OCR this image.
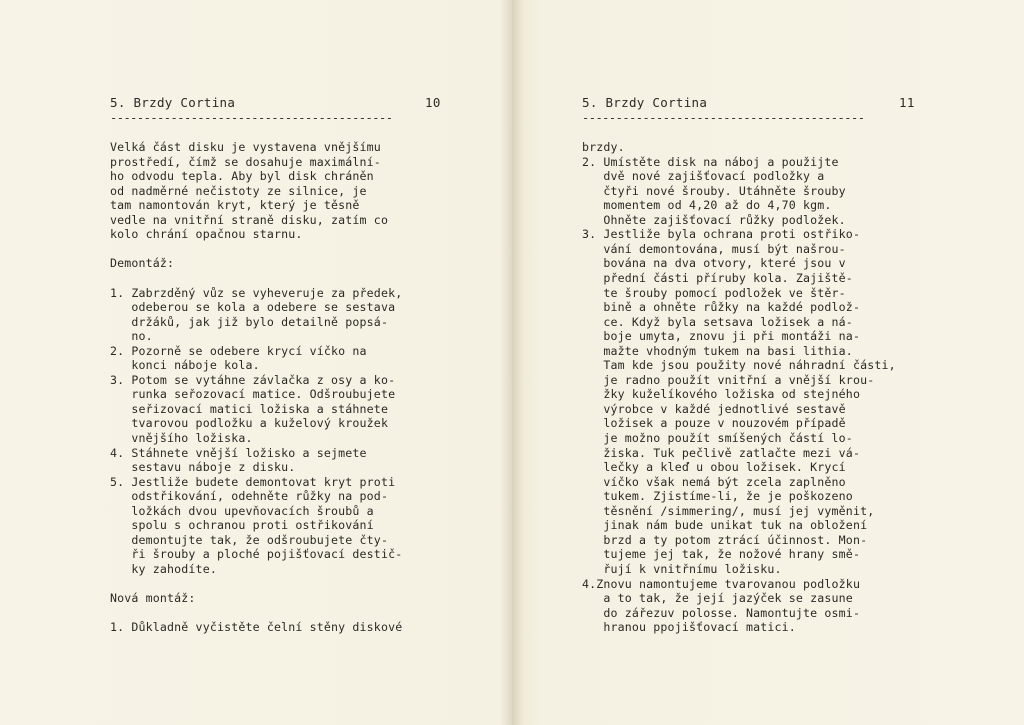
5. Brzdy Cortina	10
------------------------------------------
Velká část disku je vystavena vnějšímu
prostředí, čímž se dosahuje maximální-
ho odvodu tepla. Aby byl disk chráněn
od nadměrné nečistoty ze silnice, je
tam namontován kryt, který je těsně
vedle na vnitřní straně disku, zatím co
kolo chrání opačnou starnu.
Demontáž:
1. Zabrzděný vůz se vyheveruje za předek,
odeberou se kola a odebere se sestava
držáků, jak již bylo detailně popsá-
no.
2. Pozorně se odebere krycí víčko na
konci náboje kola.
3. Potom se vytáhne závlačka z osy a ko-
runka seřozovací matice. Odšroubujete
seřizovací matici ložiska a stáhnete
tvarovou podložku a kuželový kroužek
vnějšího ložiska.
4. Stáhnete vnější ložisko a sejmete
sestavu náboje z disku.
5. Jestliže budete demontovat kryt proti
odstřikování, odehněte růžky na pod-
ložkách dvou upevňovacích šroubů a
spolu s ochranou proti ostřikování
demontujte tak, že odšroubujete čty-
ři šrouby a ploché pojišťovací destič-
ky zahodíte.
Nová montáž:
1. Důkladně vyčistěte čelní stěny diskové
5. Brzdy Cortina	11
------------------------------------------
brzdy.
2. Umístěte disk na náboj a použijte
dvě nové zajišťovací podložky a
čtyři nové šrouby. Utáhněte šrouby
momentem od 4,20 až do 4,70 kgm.
Ohněte zajišťovací růžky podložek.
3. Jestliže byla ochrana proti ostřiko-
vání demontována, musí být našrou-
bována na dva otvory, které jsou v
přední části příruby kola. Zajiště-
te šrouby pomocí podložek ve štěr-
bině a ohněte růžky na každé podlož-
ce. Když byla setsava ložisek a ná-
boje umyta, znovu ji při montáži na-
mažte vhodným tukem na basi lithia.
Tam kde jsou použity nové náhradní části,
je radno použít vnitřní a vnější krou-
žky kuželíkového ložiska od stejného
výrobce v každé jednotlivé sestavě
ložisek a pouze v nouzovém případě
je možno použít smíšených částí lo-
žiska. Tuk pečlivě zatlačte mezi vá-
lečky a kleď u obou ložisek. Krycí
víčko však nemá být zcela zaplněno
tukem. Zjistíme-li, že je poškozeno
těsnění /simmering/, musí jej vyměnit,
jinak nám bude unikat tuk na obložení
brzd a ty potom ztrácí účinnost. Mon-
tujeme jej tak, že nožové hrany smě-
řují k vnitřnímu ložisku.
4.Znovu namontujeme tvarovanou podložku
a to tak, že její jazýček se zasune
do zářezuv polosse. Namontujte osmi-
hranou ppojišťovací matici.
